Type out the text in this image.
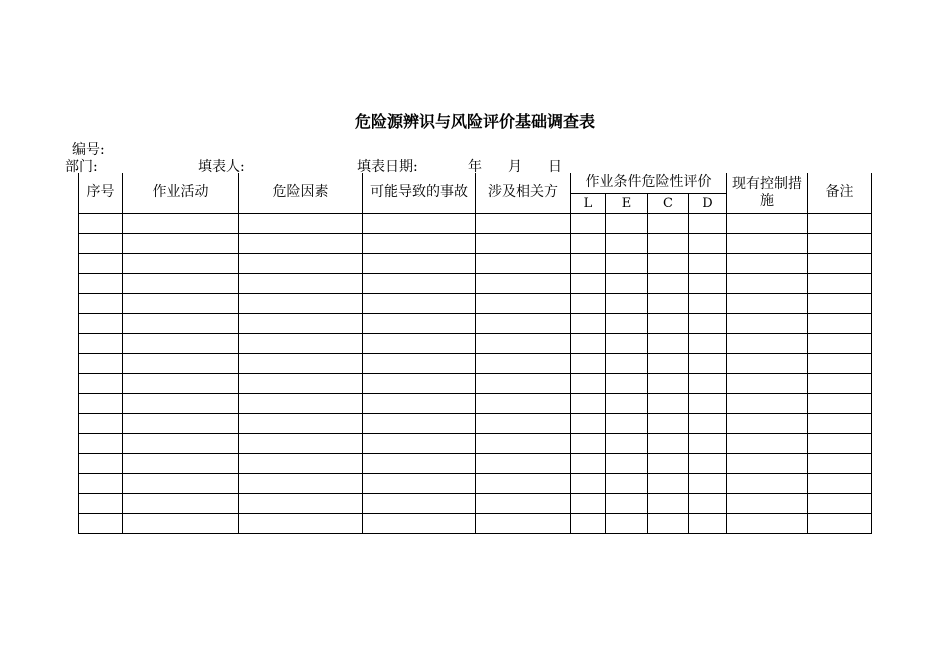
危险源辨识与风险评价基础调查表
编号:
部门:	填表人:	填表日期:	年 月 日
序号	作业活动	危险因素	可能导致的事故	涉及相关方	作业条件危险性评价				现有控制措施	备注
					L	E	C	D		
